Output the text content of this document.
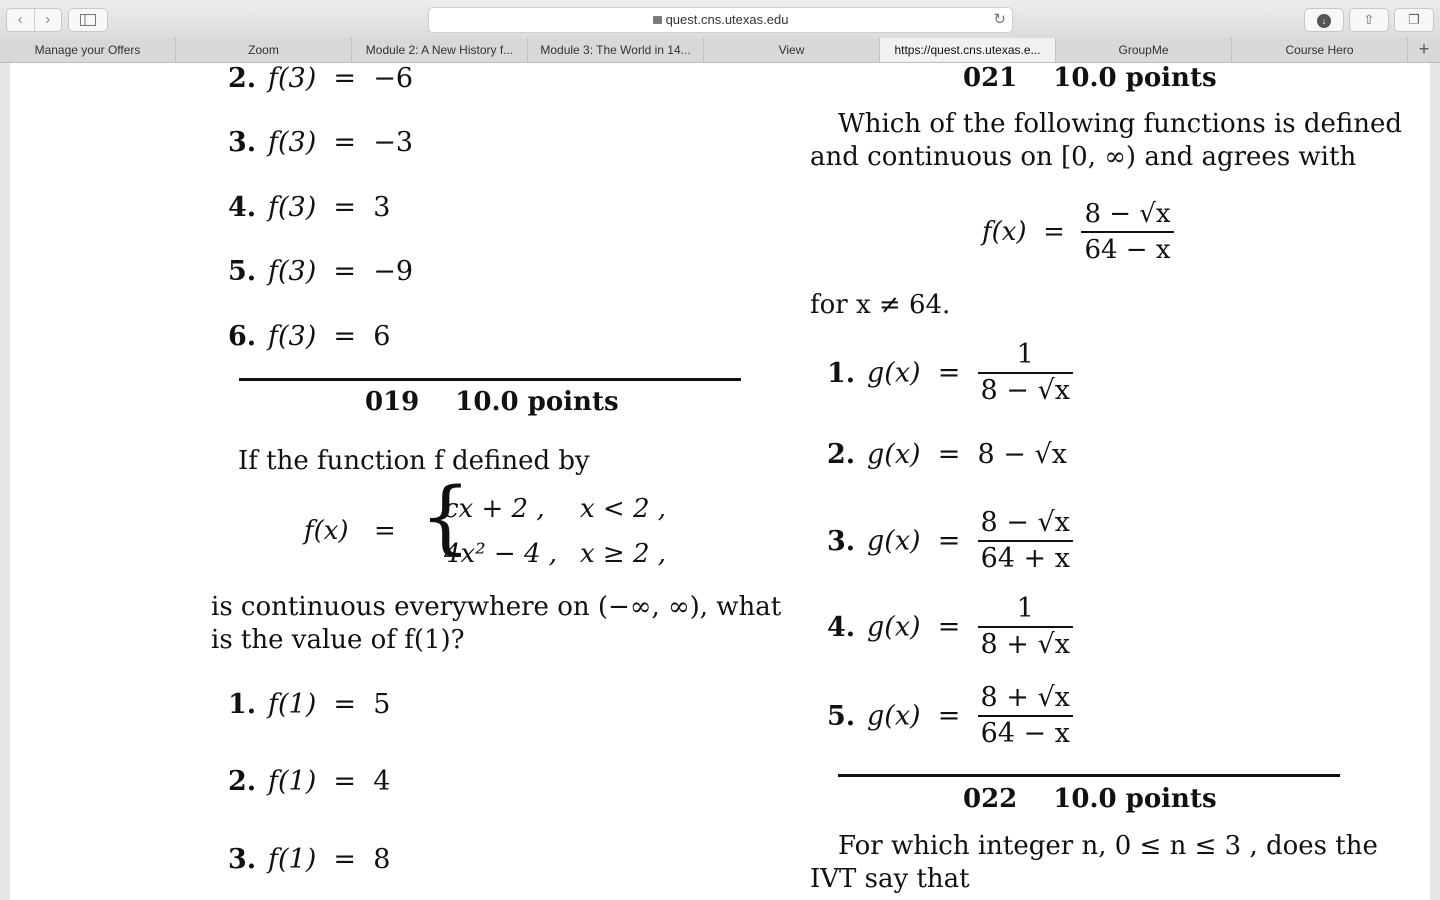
‹	›	quest.cns.utexas.edu	↻	↓	⇧	❐
Manage your Offers	Zoom	Module 2: A New History f...	Module 3: The World in 14...	View	https://quest.cns.utexas.e...	GroupMe	Course Hero	+
2. f(3) = −6
3. f(3) = −3
4. f(3) = 3
5. f(3) = −9
6. f(3) = 6
019 10.0 points
If the function f defined by
f(x) = {
cx + 2 , x < 2 ,
4x² − 4 , x ≥ 2 ,
is continuous everywhere on (−∞, ∞), what
is the value of f(1)?
1. f(1) = 5
2. f(1) = 4
3. f(1) = 8
021 10.0 points
Which of the following functions is defined
and continuous on [0, ∞) and agrees with
$f(x) = \frac{8 - √x}{64 - x}$
for x ≠ 64.
1. $g(x) = \frac{1}{8 - √x}$
2. g(x) = 8 − √x
3. $g(x) = \frac{8 - √x}{64 + x}$
4. $g(x) = \frac{1}{8 + √x}$
5. $g(x) = \frac{8 + √x}{64 - x}$
022 10.0 points
For which integer n, 0 ≤ n ≤ 3 , does the
IVT say that
